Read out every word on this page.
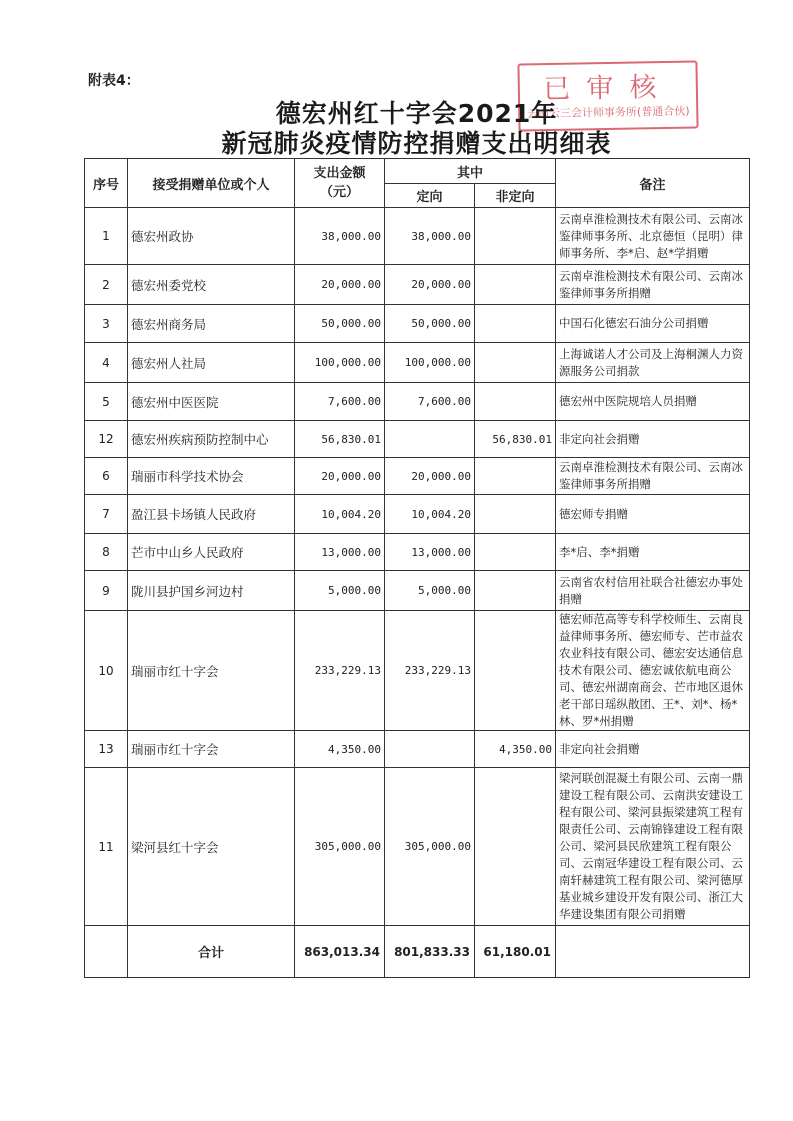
附表4：	已审核
云南云三会计师事务所(普通合伙)
德宏州红十字会2021年
新冠肺炎疫情防控捐赠支出明细表
序号	接受捐赠单位或个人	支出金额（元）	其中		备注
			定向	非定向	
1	德宏州政协	38,000.00	38,000.00		云南卓淮检测技术有限公司、云南冰鉴律师事务所、北京德恒（昆明）律师事务所、李*启、赵*学捐赠
2	德宏州委党校	20,000.00	20,000.00		云南卓淮检测技术有限公司、云南冰鉴律师事务所捐赠
3	德宏州商务局	50,000.00	50,000.00		中国石化德宏石油分公司捐赠
4	德宏州人社局	100,000.00	100,000.00		上海诚诺人才公司及上海桐渊人力资源服务公司捐款
5	德宏州中医医院	7,600.00	7,600.00		德宏州中医院规培人员捐赠
12	德宏州疾病预防控制中心	56,830.01		56,830.01	非定向社会捐赠
6	瑞丽市科学技术协会	20,000.00	20,000.00		云南卓淮检测技术有限公司、云南冰鉴律师事务所捐赠
7	盈江县卡场镇人民政府	10,004.20	10,004.20		德宏师专捐赠
8	芒市中山乡人民政府	13,000.00	13,000.00		李*启、李*捐赠
9	陇川县护国乡河边村	5,000.00	5,000.00		云南省农村信用社联合社德宏办事处捐赠
10	瑞丽市红十字会	233,229.13	233,229.13		德宏师范高等专科学校师生、云南良益律师事务所、德宏师专、芒市益农农业科技有限公司、德宏安达通信息技术有限公司、德宏诚依航电商公司、德宏州湖南商会、芒市地区退休老干部日瑶纵散团、王*、刘*、杨*林、罗*州捐赠
13	瑞丽市红十字会	4,350.00		4,350.00	非定向社会捐赠
11	梁河县红十字会	305,000.00	305,000.00		梁河联创混凝土有限公司、云南一鼎建设工程有限公司、云南洪安建设工程有限公司、梁河县振梁建筑工程有限责任公司、云南锦锋建设工程有限公司、梁河县民欣建筑工程有限公司、云南冠华建设工程有限公司、云南轩赫建筑工程有限公司、梁河德厚基业城乡建设开发有限公司、浙江大华建设集团有限公司捐赠
	合计	863,013.34	801,833.33	61,180.01	
